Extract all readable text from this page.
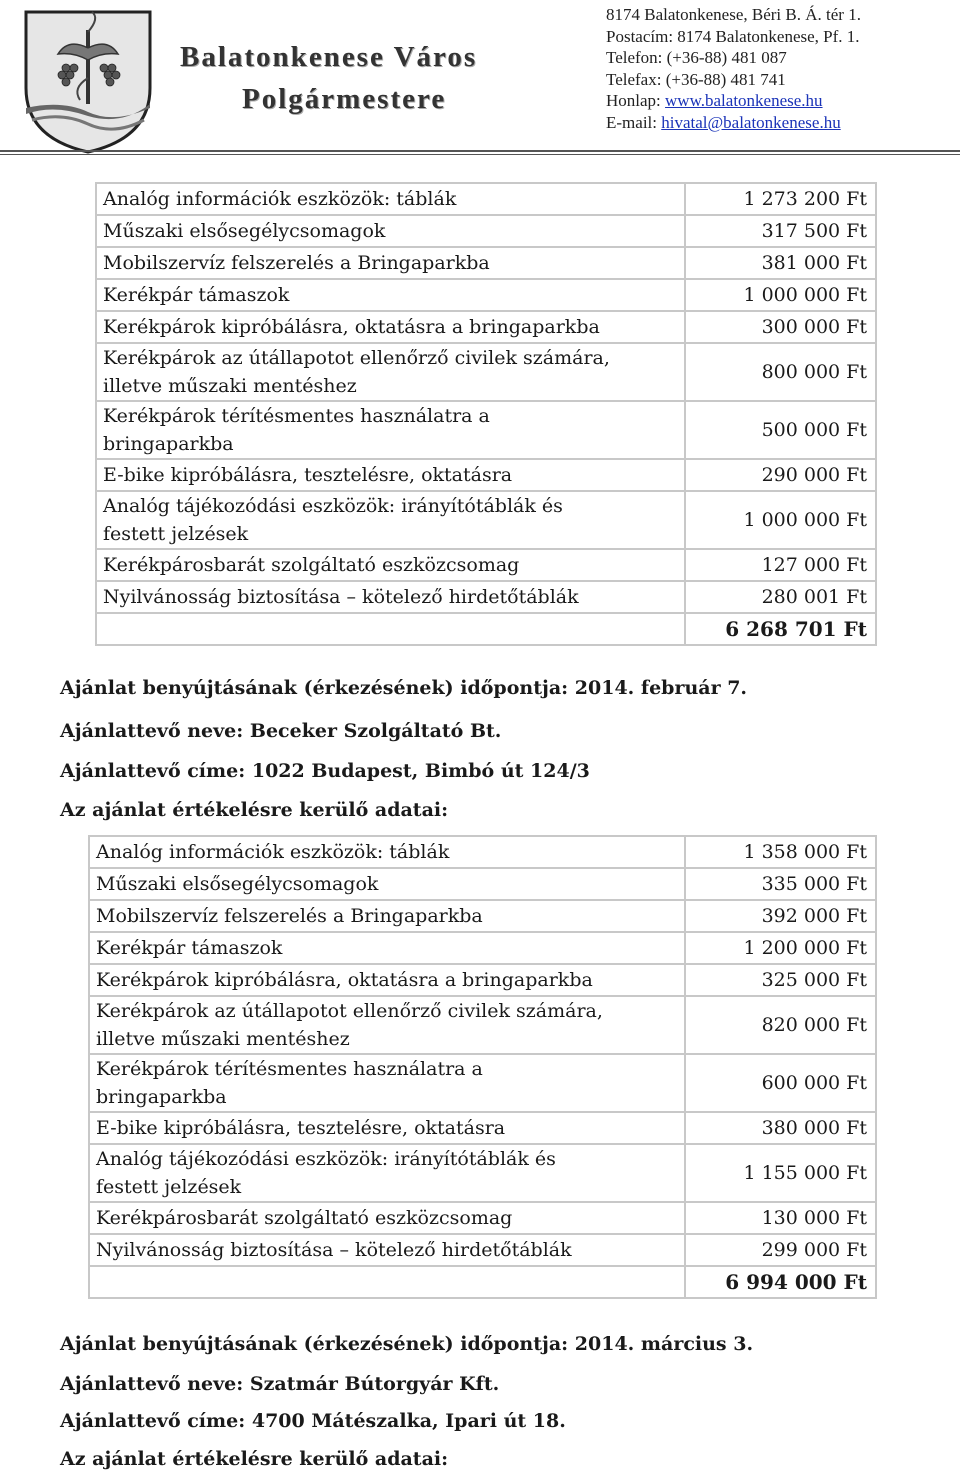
Balatonkenese Város
Polgármestere
8174 Balatonkenese, Béri B. Á. tér 1.
Postacím: 8174 Balatonkenese, Pf. 1.
Telefon: (+36-88) 481 087
Telefax: (+36-88) 481 741
Honlap: www.balatonkenese.hu
E-mail: hivatal@balatonkenese.hu
Analóg információk eszközök: táblák	1 273 200 Ft

Műszaki elsősegélycsomagok	317 500 Ft

Mobilszervíz felszerelés a Bringaparkba	381 000 Ft

Kerékpár támaszok	1 000 000 Ft

Kerékpárok kipróbálásra, oktatásra a bringaparkba	300 000 Ft

Kerékpárok az útállapotot ellenőrző civilek számára,
illetve műszaki mentéshez	800 000 Ft

Kerékpárok térítésmentes használatra a
bringaparkba	500 000 Ft

E-bike kipróbálásra, tesztelésre, oktatásra	290 000 Ft

Analóg tájékozódási eszközök: irányítótáblák és
festett jelzések	1 000 000 Ft

Kerékpárosbarát szolgáltató eszközcsomag	127 000 Ft

Nyilvánosság biztosítása – kötelező hirdetőtáblák	280 001 Ft

	6 268 701 Ft
Ajánlat benyújtásának (érkezésének) időpontja: 2014. február 7.
Ajánlattevő neve: Beceker Szolgáltató Bt.
Ajánlattevő címe: 1022 Budapest, Bimbó út 124/3
Az ajánlat értékelésre kerülő adatai:
Analóg információk eszközök: táblák	1 358 000 Ft

Műszaki elsősegélycsomagok	335 000 Ft

Mobilszervíz felszerelés a Bringaparkba	392 000 Ft

Kerékpár támaszok	1 200 000 Ft

Kerékpárok kipróbálásra, oktatásra a bringaparkba	325 000 Ft

Kerékpárok az útállapotot ellenőrző civilek számára,
illetve műszaki mentéshez	820 000 Ft

Kerékpárok térítésmentes használatra a
bringaparkba	600 000 Ft

E-bike kipróbálásra, tesztelésre, oktatásra	380 000 Ft

Analóg tájékozódási eszközök: irányítótáblák és
festett jelzések	1 155 000 Ft

Kerékpárosbarát szolgáltató eszközcsomag	130 000 Ft

Nyilvánosság biztosítása – kötelező hirdetőtáblák	299 000 Ft

	6 994 000 Ft
Ajánlat benyújtásának (érkezésének) időpontja: 2014. március 3.
Ajánlattevő neve: Szatmár Bútorgyár Kft.
Ajánlattevő címe: 4700 Mátészalka, Ipari út 18.
Az ajánlat értékelésre kerülő adatai:
